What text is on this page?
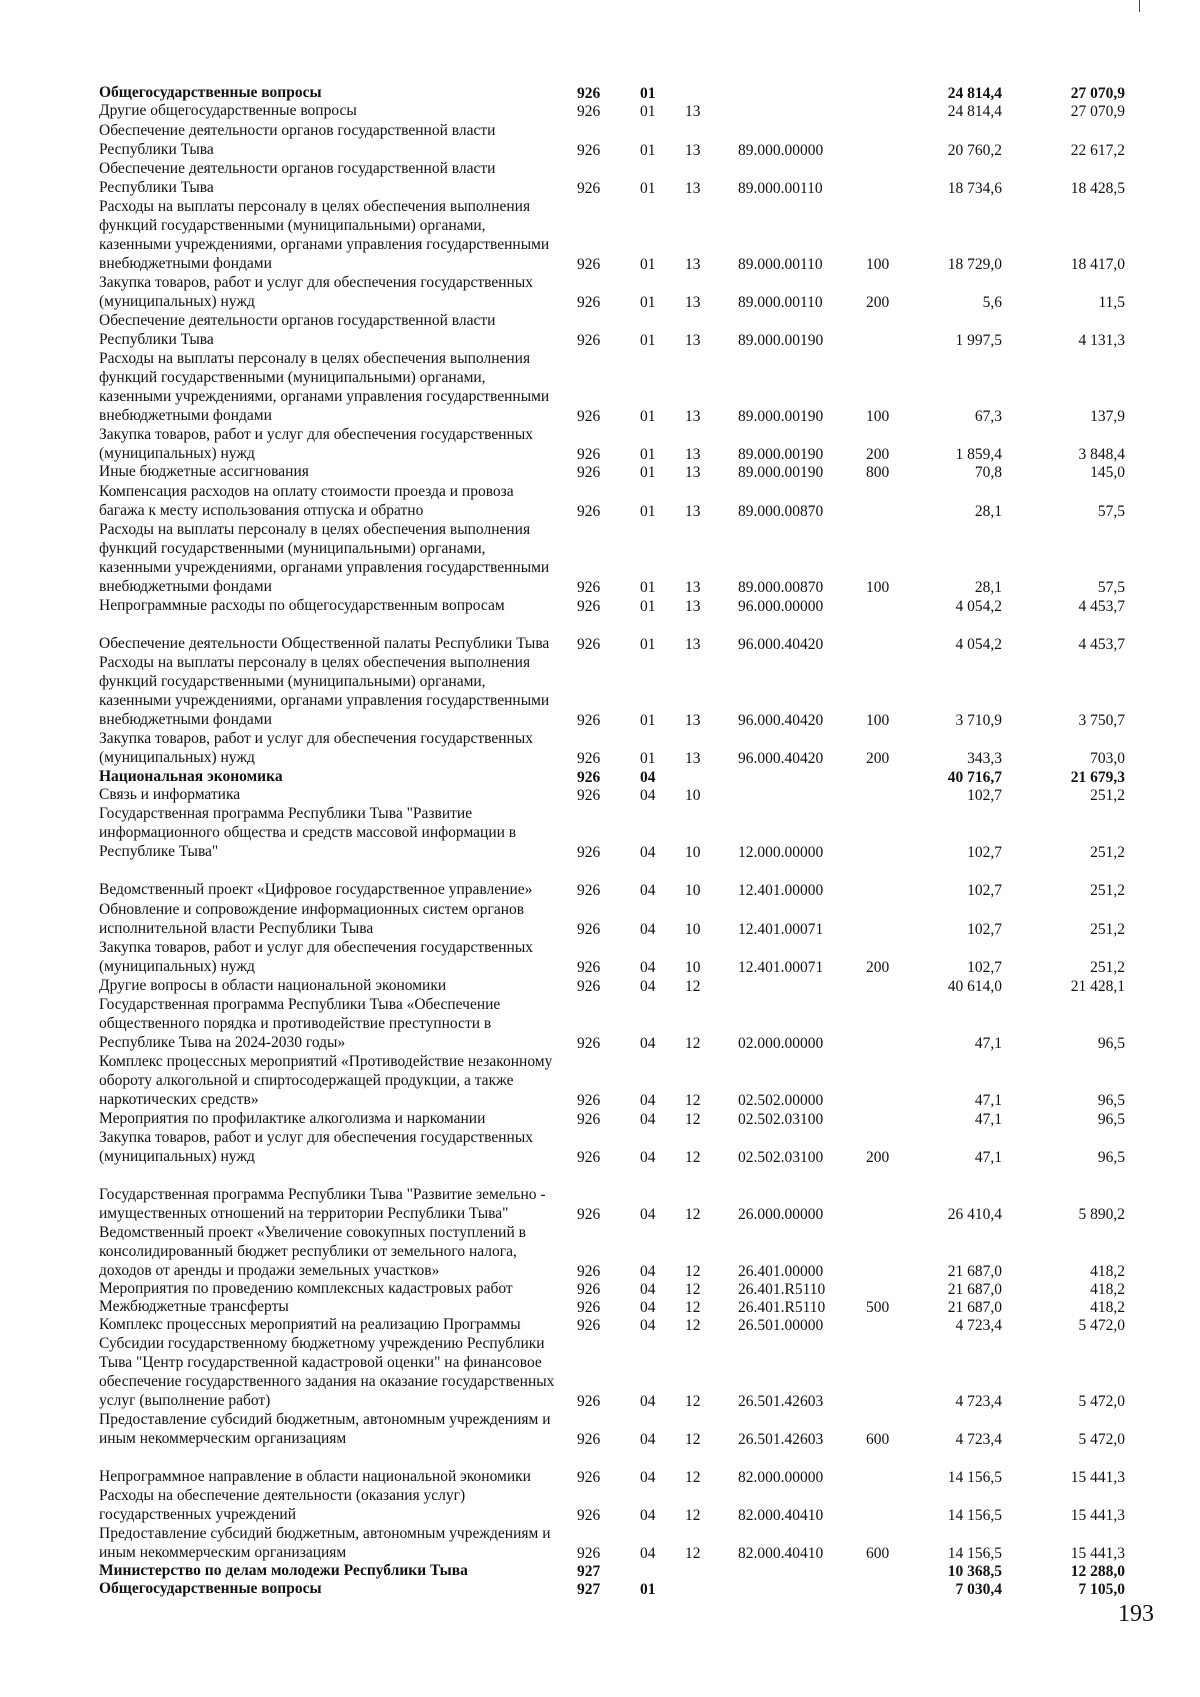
Общегосударственные вопросы	926	01	24 814,4	27 070,9
Другие общегосударственные вопросы	926	01 13	24 814,4	27 070,9
Обеспечение деятельности органов государственной власти Республики Тыва	926	01 13 89.000.00000	20 760,2	22 617,2
Обеспечение деятельности органов государственной власти Республики Тыва	926	01 13 89.000.00110	18 734,6	18 428,5
Расходы на выплаты персоналу в целях обеспечения выполнения функций государственными (муниципальными) органами, казенными учреждениями, органами управления государственными внебюджетными фондами	926	01 13 89.000.00110	100	18 729,0	18 417,0
Закупка товаров, работ и услуг для обеспечения государственных (муниципальных) нужд	926	01 13 89.000.00110	200	5,6	11,5
Обеспечение деятельности органов государственной власти Республики Тыва	926	01 13 89.000.00190	1 997,5	4 131,3
Расходы на выплаты персоналу в целях обеспечения выполнения функций государственными (муниципальными) органами, казенными учреждениями, органами управления государственными внебюджетными фондами	926	01 13 89.000.00190	100	67,3	137,9
Закупка товаров, работ и услуг для обеспечения государственных (муниципальных) нужд	926	01 13 89.000.00190	200	1 859,4	3 848,4
Иные бюджетные ассигнования	926	01 13 89.000.00190	800	70,8	145,0
Компенсация расходов на оплату стоимости проезда и провоза багажа к месту использования отпуска и обратно	926	01 13 89.000.00870	28,1	57,5
Расходы на выплаты персоналу в целях обеспечения выполнения функций государственными (муниципальными) органами, казенными учреждениями, органами управления государственными внебюджетными фондами	926	01 13 89.000.00870	100	28,1	57,5
Непрограммные расходы по общегосударственным вопросам	926	01 13 96.000.00000	4 054,2	4 453,7
Обеспечение деятельности Общественной палаты Республики Тыва	926	01 13 96.000.40420	4 054,2	4 453,7
Расходы на выплаты персоналу в целях обеспечения выполнения функций государственными (муниципальными) органами, казенными учреждениями, органами управления государственными внебюджетными фондами	926	01 13 96.000.40420	100	3 710,9	3 750,7
Закупка товаров, работ и услуг для обеспечения государственных (муниципальных) нужд	926	01 13 96.000.40420	200	343,3	703,0
Национальная экономика	926	04	40 716,7	21 679,3
Связь и информатика	926	04 10	102,7	251,2
Государственная программа Республики Тыва "Развитие информационного общества и средств массовой информации в Республике Тыва"	926	04 10 12.000.00000	102,7	251,2
Ведомственный проект «Цифровое государственное управление»	926	04 10 12.401.00000	102,7	251,2
Обновление и сопровождение информационных систем органов исполнительной власти Республики Тыва	926	04 10 12.401.00071	102,7	251,2
Закупка товаров, работ и услуг для обеспечения государственных (муниципальных) нужд	926	04 10 12.401.00071	200	102,7	251,2
Другие вопросы в области национальной экономики	926	04 12	40 614,0	21 428,1
Государственная программа Республики Тыва «Обеспечение общественного порядка и противодействие преступности в Республике Тыва на 2024-2030 годы»	926	04 12 02.000.00000	47,1	96,5
Комплекс процессных мероприятий «Противодействие незаконному обороту алкогольной и спиртосодержащей продукции, а также наркотических средств»	926	04 12 02.502.00000	47,1	96,5
Мероприятия по профилактике алкоголизма и наркомании	926	04 12 02.502.03100	47,1	96,5
Закупка товаров, работ и услуг для обеспечения государственных (муниципальных) нужд	926	04 12 02.502.03100	200	47,1	96,5
Государственная программа Республики Тыва "Развитие земельно - имущественных отношений на территории Республики Тыва"	926	04 12 26.000.00000	26 410,4	5 890,2
Ведомственный проект «Увеличение совокупных поступлений в консолидированный бюджет республики от земельного налога, доходов от аренды и продажи земельных участков»	926	04 12 26.401.00000	21 687,0	418,2
Мероприятия по проведению комплексных кадастровых работ	926	04 12 26.401.R5110	21 687,0	418,2
Межбюджетные трансферты	926	04 12 26.401.R5110	500	21 687,0	418,2
Комплекс процессных мероприятий на реализацию Программы	926	04 12 26.501.00000	4 723,4	5 472,0
Субсидии государственному бюджетному учреждению Республики Тыва "Центр государственной кадастровой оценки" на финансовое обеспечение государственного задания на оказание государственных услуг (выполнение работ)	926	04 12 26.501.42603	4 723,4	5 472,0
Предоставление субсидий бюджетным, автономным учреждениям и иным некоммерческим организациям	926	04 12 26.501.42603	600	4 723,4	5 472,0
Непрограммное направление в области национальной экономики	926	04 12 82.000.00000	14 156,5	15 441,3
Расходы на обеспечение деятельности (оказания услуг) государственных учреждений	926	04 12 82.000.40410	14 156,5	15 441,3
Предоставление субсидий бюджетным, автономным учреждениям и иным некоммерческим организациям	926	04 12 82.000.40410	600	14 156,5	15 441,3
Министерство по делам молодежи Республики Тыва	927	10 368,5	12 288,0
Общегосударственные вопросы	927	01	7 030,4	7 105,0
193
